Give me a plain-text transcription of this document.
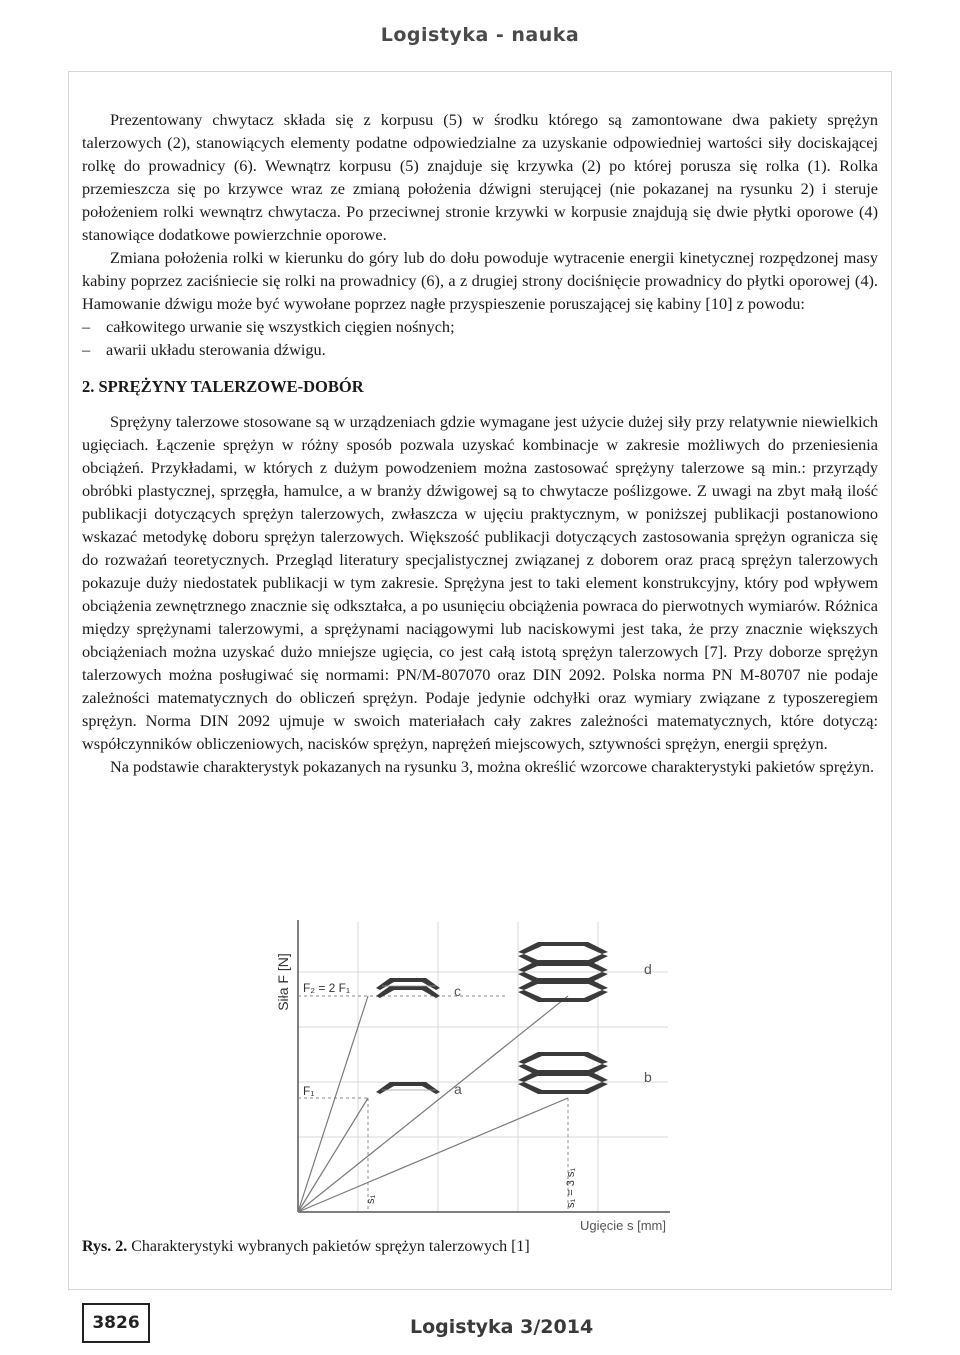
Logistyka - nauka

Prezentowany chwytacz składa się z korpusu (5) w środku którego są zamontowane dwa pakiety sprężyn talerzowych (2), stanowiących elementy podatne odpowiedzialne za uzyskanie odpowiedniej wartości siły dociskającej rolkę do prowadnicy (6). Wewnątrz korpusu (5) znajduje się krzywka (2) po której porusza się rolka (1). Rolka przemieszcza się po krzywce wraz ze zmianą położenia dźwigni sterującej (nie pokazanej na rysunku 2) i steruje położeniem rolki wewnątrz chwytacza. Po przeciwnej stronie krzywki w korpusie znajdują się dwie płytki oporowe (4) stanowiące dodatkowe powierzchnie oporowe.

Zmiana położenia rolki w kierunku do góry lub do dołu powoduje wytracenie energii kinetycznej rozpędzonej masy kabiny poprzez zaciśniecie się rolki na prowadnicy (6), a z drugiej strony dociśnięcie prowadnicy do płytki oporowej (4). Hamowanie dźwigu może być wywołane poprzez nagłe przyspieszenie poruszającej się kabiny [10] z powodu:

– całkowitego urwanie się wszystkich cięgien nośnych;

– awarii układu sterowania dźwigu.

2. SPRĘŻYNY TALERZOWE-DOBÓR

Sprężyny talerzowe stosowane są w urządzeniach gdzie wymagane jest użycie dużej siły przy relatywnie niewielkich ugięciach. Łączenie sprężyn w różny sposób pozwala uzyskać kombinacje w zakresie możliwych do przeniesienia obciążeń. Przykładami, w których z dużym powodzeniem można zastosować sprężyny talerzowe są min.: przyrządy obróbki plastycznej, sprzęgła, hamulce, a w branży dźwigowej są to chwytacze poślizgowe. Z uwagi na zbyt małą ilość publikacji dotyczących sprężyn talerzowych, zwłaszcza w ujęciu praktycznym, w poniższej publikacji postanowiono wskazać metodykę doboru sprężyn talerzowych. Większość publikacji dotyczących zastosowania sprężyn ogranicza się do rozważań teoretycznych. Przegląd literatury specjalistycznej związanej z doborem oraz pracą sprężyn talerzowych pokazuje duży niedostatek publikacji w tym zakresie. Sprężyna jest to taki element konstrukcyjny, który pod wpływem obciążenia zewnętrznego znacznie się odkształca, a po usunięciu obciążenia powraca do pierwotnych wymiarów. Różnica między sprężynami talerzowymi, a sprężynami naciągowymi lub naciskowymi jest taka, że przy znacznie większych obciążeniach można uzyskać dużo mniejsze ugięcia, co jest całą istotą sprężyn talerzowych [7]. Przy doborze sprężyn talerzowych można posługiwać się normami: PN/M-807070 oraz DIN 2092. Polska norma PN M-80707 nie podaje zależności matematycznych do obliczeń sprężyn. Podaje jedynie odchyłki oraz wymiary związane z typoszeregiem sprężyn. Norma DIN 2092 ujmuje w swoich materiałach cały zakres zależności matematycznych, które dotyczą: współczynników obliczeniowych, nacisków sprężyn, naprężeń miejscowych, sztywności sprężyn, energii sprężyn.

Na podstawie charakterystyk pokazanych na rysunku 3, można określić wzorcowe charakterystyki pakietów sprężyn.

Siła F [N] F₂ = 2 F₁
F₁
c
a
d
b
s₁	s₁ = 3 s₁
Ugięcie s [mm]
Rys. 2. Charakterystyki wybranych pakietów sprężyn talerzowych [1]
3826	Logistyka 3/2014
